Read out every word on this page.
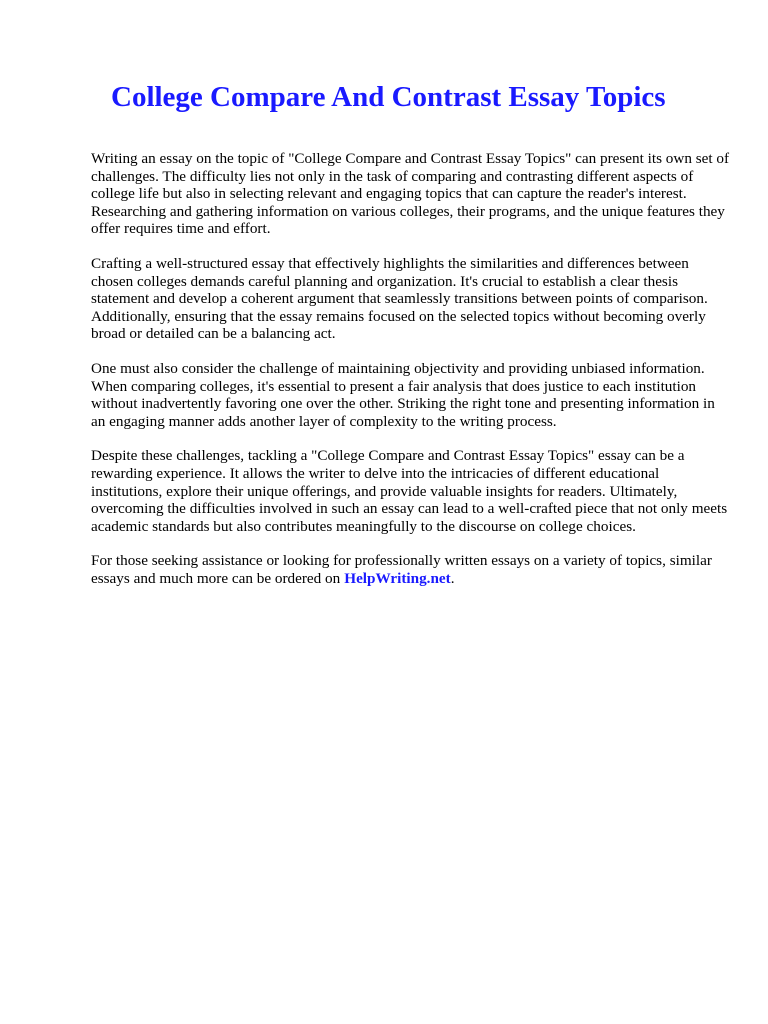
College Compare And Contrast Essay Topics

Writing an essay on the topic of "College Compare and Contrast Essay Topics" can present its own set of challenges. The difficulty lies not only in the task of comparing and contrasting different aspects of college life but also in selecting relevant and engaging topics that can capture the reader's interest. Researching and gathering information on various colleges, their programs, and the unique features they offer requires time and effort.

Crafting a well-structured essay that effectively highlights the similarities and differences between chosen colleges demands careful planning and organization. It's crucial to establish a clear thesis statement and develop a coherent argument that seamlessly transitions between points of comparison. Additionally, ensuring that the essay remains focused on the selected topics without becoming overly broad or detailed can be a balancing act.

One must also consider the challenge of maintaining objectivity and providing unbiased information. When comparing colleges, it's essential to present a fair analysis that does justice to each institution without inadvertently favoring one over the other. Striking the right tone and presenting information in an engaging manner adds another layer of complexity to the writing process.

Despite these challenges, tackling a "College Compare and Contrast Essay Topics" essay can be a rewarding experience. It allows the writer to delve into the intricacies of different educational institutions, explore their unique offerings, and provide valuable insights for readers. Ultimately, overcoming the difficulties involved in such an essay can lead to a well-crafted piece that not only meets academic standards but also contributes meaningfully to the discourse on college choices.

For those seeking assistance or looking for professionally written essays on a variety of topics, similar essays and much more can be ordered on HelpWriting.net.
